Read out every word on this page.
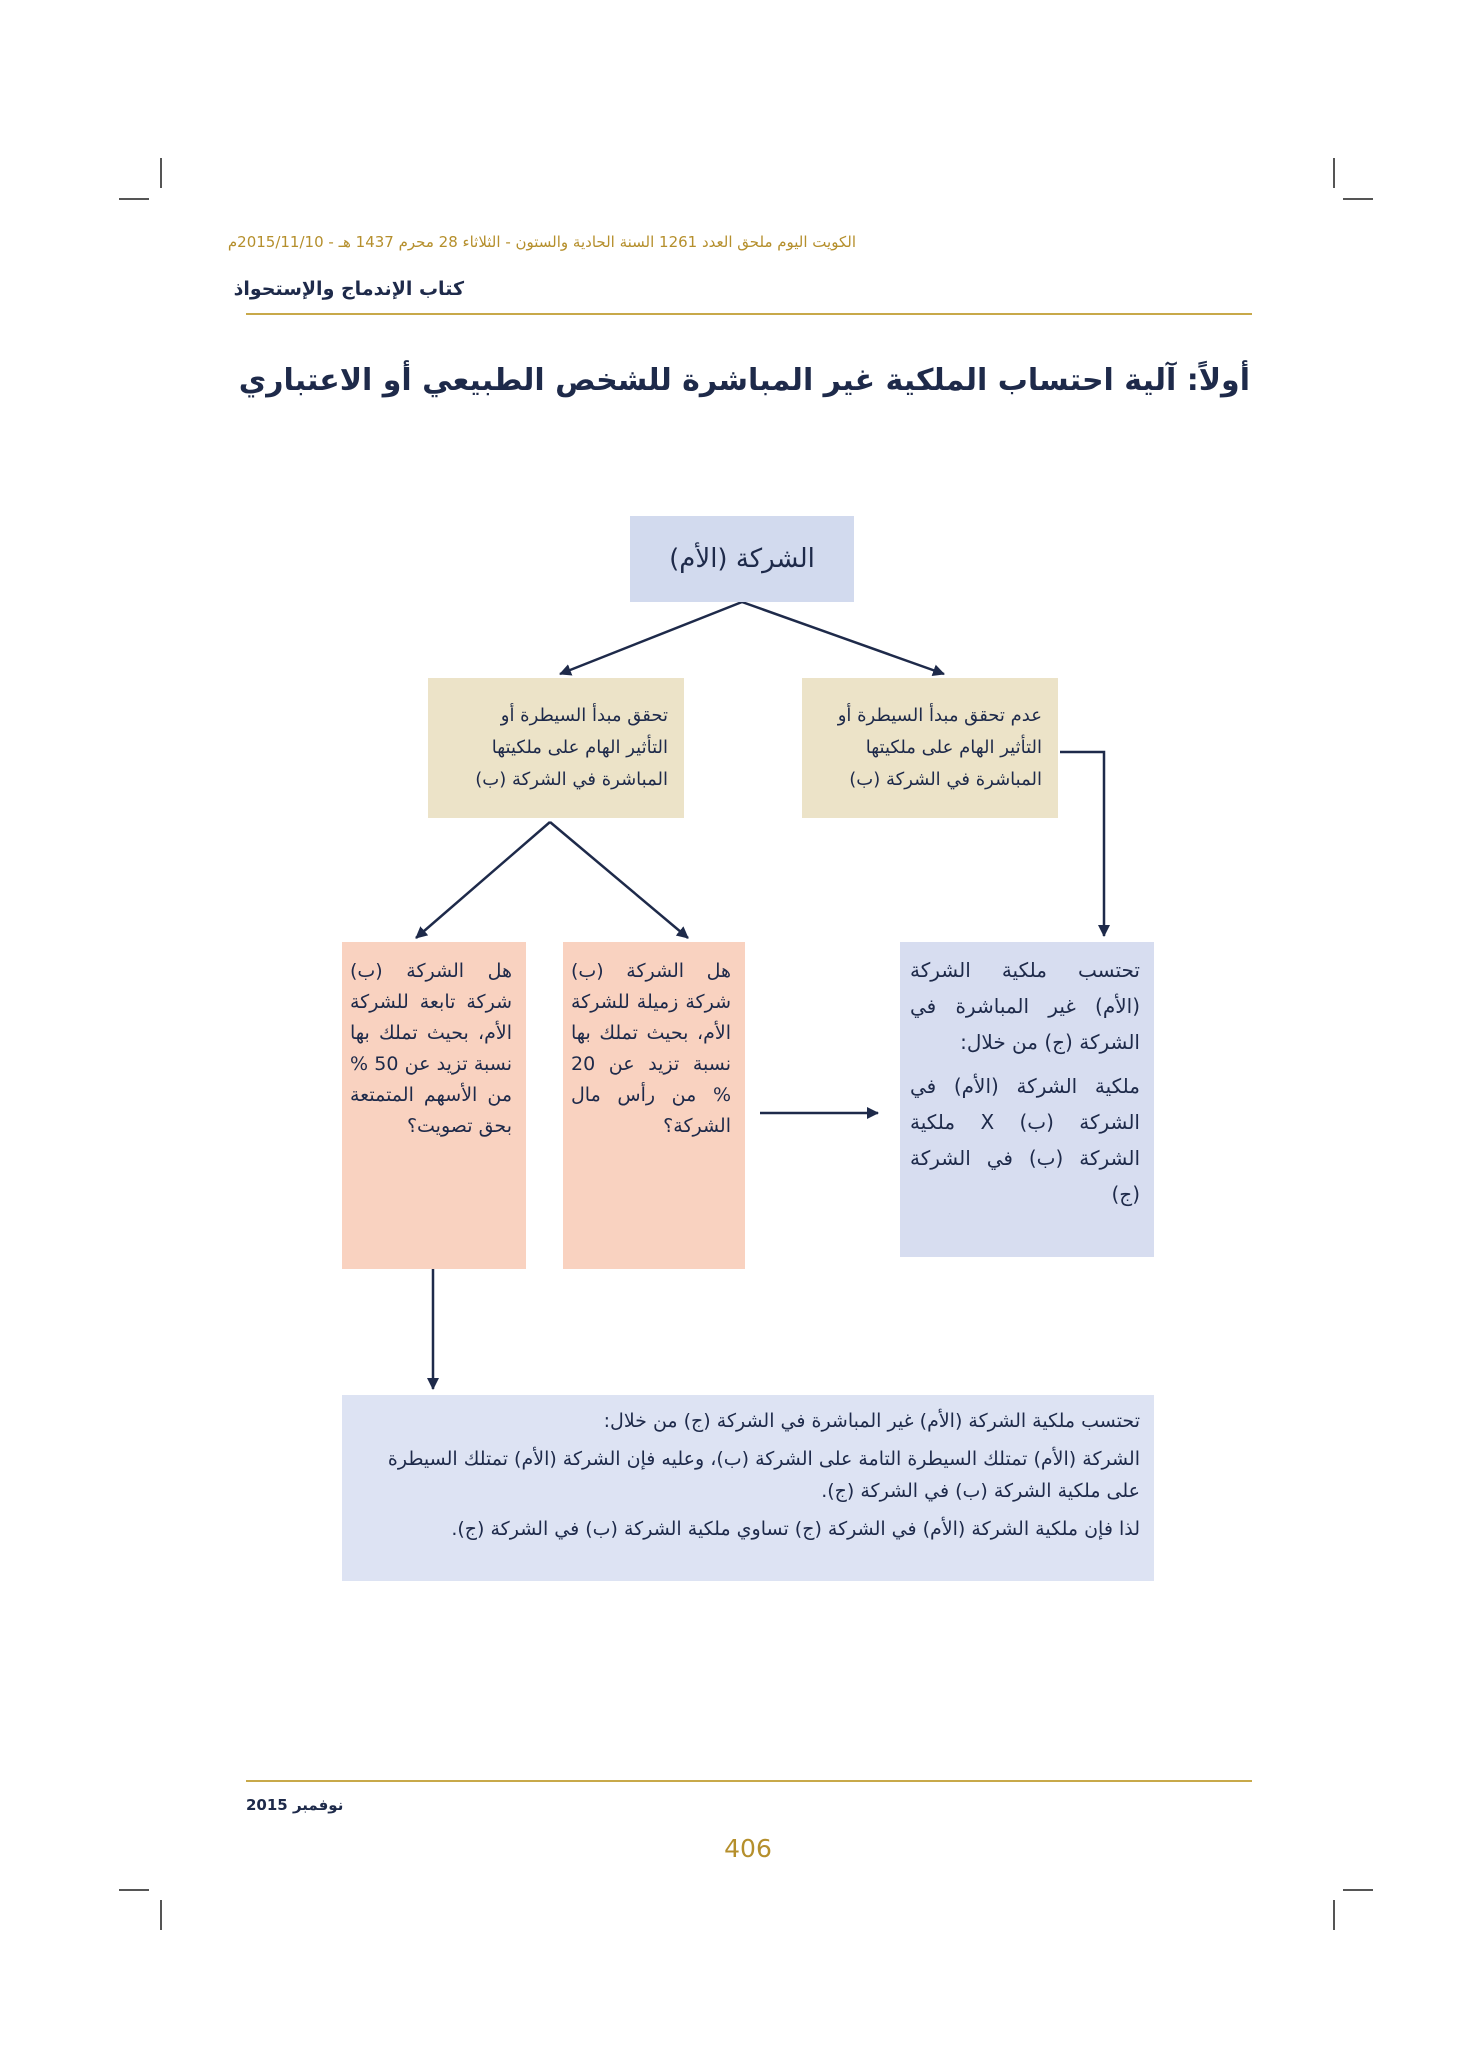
الكويت اليوم ملحق العدد 1261 السنة الحادية والستون - الثلاثاء 28 محرم 1437 هـ - 2015/11/10م
كتاب الإندماج والإستحواذ
أولاً: آلية احتساب الملكية غير المباشرة للشخص الطبيعي أو الاعتباري
الشركة (الأم)
تحقق مبدأ السيطرة أو
التأثير الهام على ملكيتها
المباشرة في الشركة (ب)
عدم تحقق مبدأ السيطرة أو
التأثير الهام على ملكيتها
المباشرة في الشركة (ب)
هل الشركة (ب) شركة زميلة للشركة الأم، بحيث تملك بها نسبة تزيد عن 20 % من رأس مال الشركة؟
هل الشركة (ب) شركة تابعة للشركة الأم، بحيث تملك بها نسبة تزيد عن 50 % من الأسهم المتمتعة بحق تصويت؟

تحتسب ملكية الشركة (الأم) غير المباشرة في الشركة (ج) من خلال:

ملكية الشركة (الأم) في الشركة (ب) X ملكية الشركة (ب) في الشركة (ج)

تحتسب ملكية الشركة (الأم) غير المباشرة في الشركة (ج) من خلال:

الشركة (الأم) تمتلك السيطرة التامة على الشركة (ب)، وعليه فإن الشركة (الأم) تمتلك السيطرة على ملكية الشركة (ب) في الشركة (ج).

لذا فإن ملكية الشركة (الأم) في الشركة (ج) تساوي ملكية الشركة (ب) في الشركة (ج).

نوفمبر 2015
406
